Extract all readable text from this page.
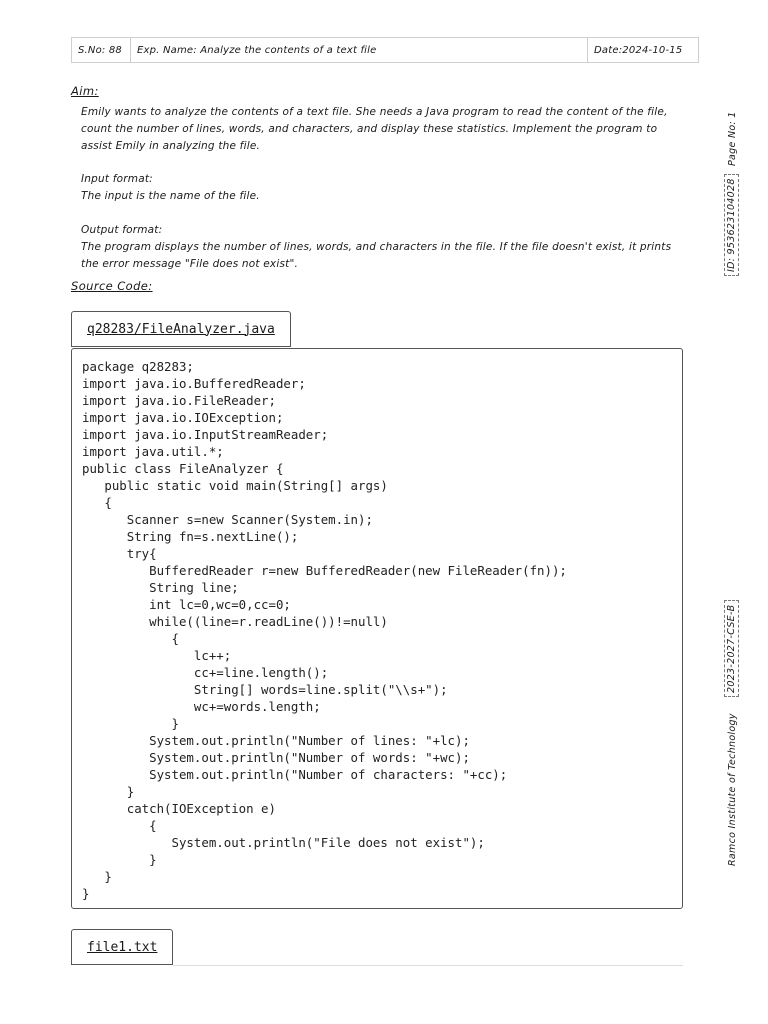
S.No: 88	Exp. Name: Analyze the contents of a text file	Date:2024-10-15
Aim:

Emily wants to analyze the contents of a text file. She needs a Java program to read the content of the file,

count the number of lines, words, and characters, and display these statistics. Implement the program to

assist Emily in analyzing the file.

Input format:

The input is the name of the file.

Output format:

The program displays the number of lines, words, and characters in the file. If the file doesn't exist, it prints

the error message "File does not exist".

Source Code:
q28283/FileAnalyzer.java
package q28283;
import java.io.BufferedReader;
import java.io.FileReader;
import java.io.IOException;
import java.io.InputStreamReader;
import java.util.*;
public class FileAnalyzer {
public static void main(String[] args)
{
Scanner s=new Scanner(System.in);
String fn=s.nextLine();
try{
BufferedReader r=new BufferedReader(new FileReader(fn));
String line;
int lc=0,wc=0,cc=0;
while((line=r.readLine())!=null)
{
lc++;
cc+=line.length();
String[] words=line.split("\\s+");
wc+=words.length;
}
System.out.println("Number of lines: "+lc);
System.out.println("Number of words: "+wc);
System.out.println("Number of characters: "+cc);
}
catch(IOException e)
{
System.out.println("File does not exist");
}
}
}
file1.txt
Page No: 1
ID: 953623104028
2023-2027-CSE-B
Ramco Institute of Technology
